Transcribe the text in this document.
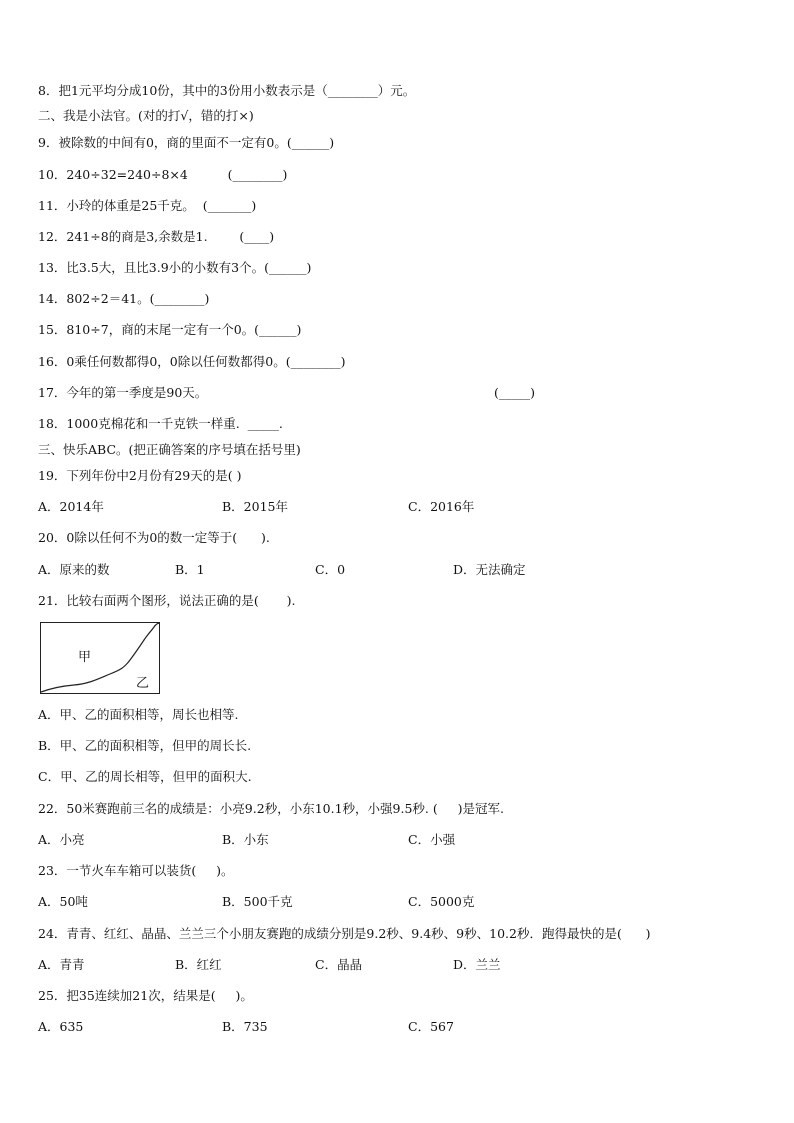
8．把1元平均分成10份，其中的3份用小数表示是（________）元。
二、我是小法官。(对的打√，错的打×)
9．被除数的中间有0，商的里面不一定有0。(______)
10．240÷32=240÷8×4          (________)
11．小玲的体重是25千克。  (_______)
12．241÷8的商是3,余数是1.        (____)
13．比3.5大，且比3.9小的小数有3个。(______)
14．802÷2＝41。(________)
15．810÷7，商的末尾一定有一个0。(______)
16．0乘任何数都得0，0除以任何数都得0。(________)
17．今年的第一季度是90天。	(_____)
18．1000克棉花和一千克铁一样重.  _____.
三、快乐ABC。(把正确答案的序号填在括号里)
19．下列年份中2月份有29天的是( )
A．2014年	B．2015年	C．2016年
20．0除以任何不为0的数一定等于(      ).
A．原来的数	B．1	C．0	D．无法确定
21．比较右面两个图形，说法正确的是(       ).
甲
乙
A．甲、乙的面积相等，周长也相等.
B．甲、乙的面积相等，但甲的周长长.
C．甲、乙的周长相等，但甲的面积大.
22．50米赛跑前三名的成绩是：小亮9.2秒，小东10.1秒，小强9.5秒. (     )是冠军.
A．小亮	B．小东	C．小强
23．一节火车车箱可以装货(     )。
A．50吨	B．500千克	C．5000克
24．青青、红红、晶晶、兰兰三个小朋友赛跑的成绩分别是9.2秒、9.4秒、9秒、10.2秒．跑得最快的是(      )
A．青青	B．红红	C．晶晶	D．兰兰
25．把35连续加21次，结果是(     )。
A．635	B．735	C．567
